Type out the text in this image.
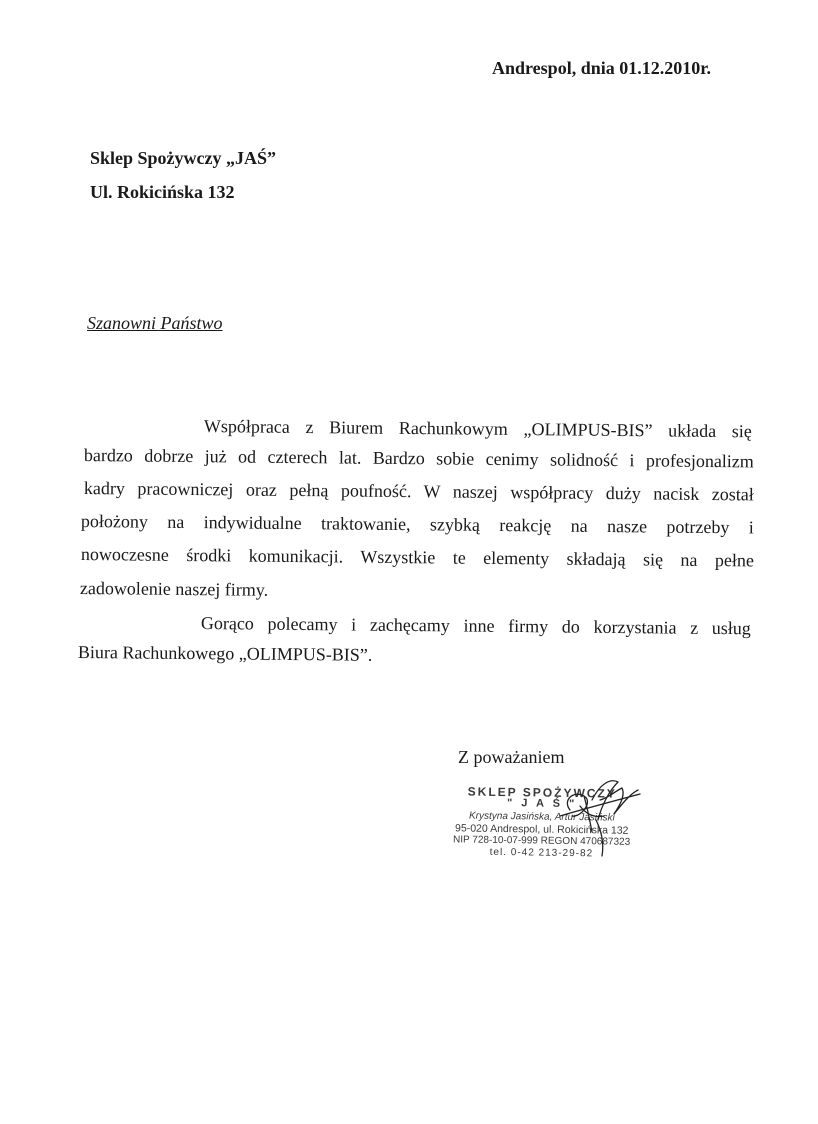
Andrespol, dnia 01.12.2010r.
Sklep Spożywczy „JAŚ”
Ul. Rokicińska 132
Szanowni Państwo
Współpraca z Biurem Rachunkowym „OLIMPUS-BIS” układa się
bardzo dobrze już od czterech lat. Bardzo sobie cenimy solidność i profesjonalizm
kadry pracowniczej oraz pełną poufność. W naszej współpracy duży nacisk został
położony na indywidualne traktowanie, szybką reakcję na nasze potrzeby i
nowoczesne środki komunikacji. Wszystkie te elementy składają się na pełne
zadowolenie naszej firmy.
Gorąco polecamy i zachęcamy inne firmy do korzystania z usług
Biura Rachunkowego „OLIMPUS-BIS”.
Z poważaniem
SKLEP SPOŻYWCZY
" J A Ś "
Krystyna Jasińska, Artur Jasiński
95-020 Andrespol, ul. Rokicińska 132
NIP 728-10-07-999 REGON 470687323
tel. 0-42 213-29-82
